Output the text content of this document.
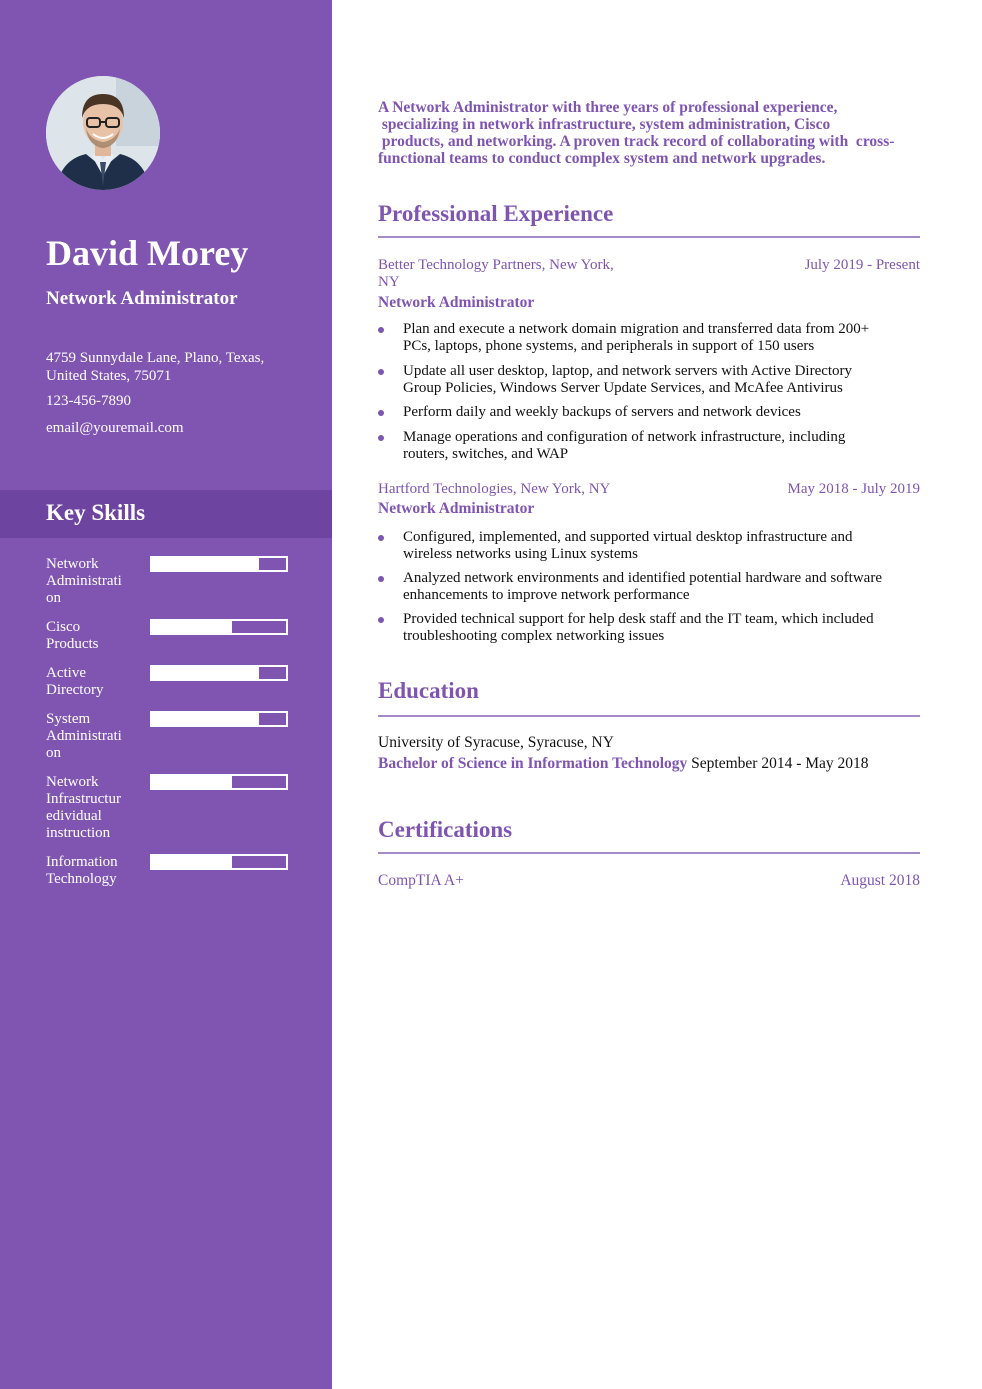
David Morey
Network Administrator
4759 Sunnydale Lane, Plano, Texas,
United States, 75071
123-456-7890
email@youremail.com
Key Skills
Network
Administrati
on
Cisco
Products
Active
Directory
System
Administrati
on
Network
Infrastructur
edividual
instruction
Information
Technology
A Network Administrator with three years of professional experience,
specializing in network infrastructure, system administration, Cisco
products, and networking. A proven track record of collaborating with  cross-
functional teams to conduct complex system and network upgrades.
Professional Experience
Better Technology Partners, New York,
NY
July 2019 - Present
Network Administrator
Plan and execute a network domain migration and transferred data from 200+
PCs, laptops, phone systems, and peripherals in support of 150 users
Update all user desktop, laptop, and network servers with Active Directory
Group Policies, Windows Server Update Services, and McAfee Antivirus
Perform daily and weekly backups of servers and network devices
Manage operations and configuration of network infrastructure, including
routers, switches, and WAP
Hartford Technologies, New York, NY	May 2018 - July 2019
Network Administrator
Configured, implemented, and supported virtual desktop infrastructure and
wireless networks using Linux systems
Analyzed network environments and identified potential hardware and software
enhancements to improve network performance
Provided technical support for help desk staff and the IT team, which included
troubleshooting complex networking issues
Education
University of Syracuse, Syracuse, NY
Bachelor of Science in Information Technology September 2014 - May 2018
Certifications
CompTIA A+	August 2018
